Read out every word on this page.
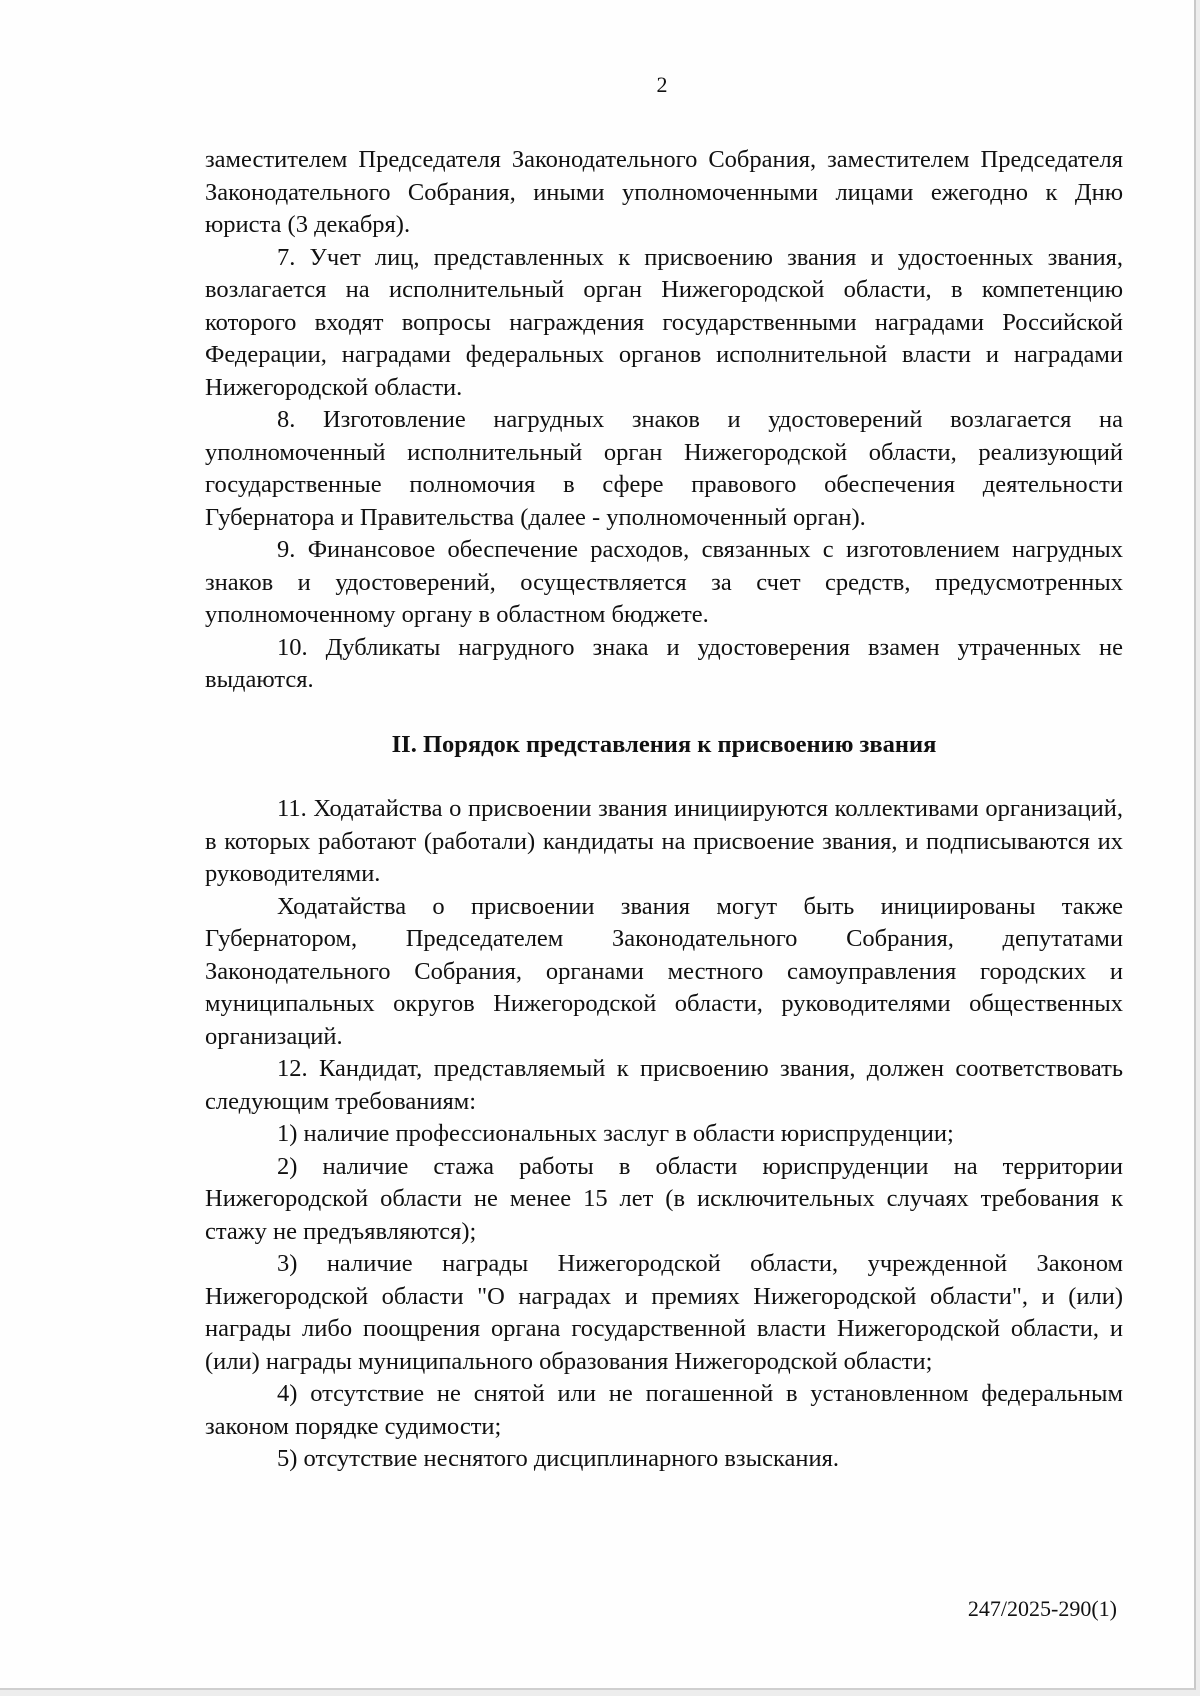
2

заместителем Председателя Законодательного Собрания, заместителем Председателя Законодательного Собрания, иными уполномоченными лицами ежегодно к Дню юриста (3 декабря).

7. Учет лиц, представленных к присвоению звания и удостоенных звания, возлагается на исполнительный орган Нижегородской области, в компетенцию которого входят вопросы награждения государственными наградами Российской Федерации, наградами федеральных органов исполнительной власти и наградами Нижегородской области.

8. Изготовление нагрудных знаков и удостоверений возлагается на уполномоченный исполнительный орган Нижегородской области, реализующий государственные полномочия в сфере правового обеспечения деятельности Губернатора и Правительства (далее - уполномоченный орган).

9. Финансовое обеспечение расходов, связанных с изготовлением нагрудных знаков и удостоверений, осуществляется за счет средств, предусмотренных уполномоченному органу в областном бюджете.

10. Дубликаты нагрудного знака и удостоверения взамен утраченных не выдаются.

II. Порядок представления к присвоению звания

11. Ходатайства о присвоении звания инициируются коллективами организаций, в которых работают (работали) кандидаты на присвоение звания, и подписываются их руководителями.

Ходатайства о присвоении звания могут быть инициированы также Губернатором, Председателем Законодательного Собрания, депутатами Законодательного Собрания, органами местного самоуправления городских и муниципальных округов Нижегородской области, руководителями общественных организаций.

12. Кандидат, представляемый к присвоению звания, должен соответствовать следующим требованиям:

1) наличие профессиональных заслуг в области юриспруденции;

2) наличие стажа работы в области юриспруденции на территории Нижегородской области не менее 15 лет (в исключительных случаях требования к стажу не предъявляются);

3) наличие награды Нижегородской области, учрежденной Законом Нижегородской области "О наградах и премиях Нижегородской области", и (или) награды либо поощрения органа государственной власти Нижегородской области, и (или) награды муниципального образования Нижегородской области;

4) отсутствие не снятой или не погашенной в установленном федеральным законом порядке судимости;

5) отсутствие неснятого дисциплинарного взыскания.

247/2025-290(1)
